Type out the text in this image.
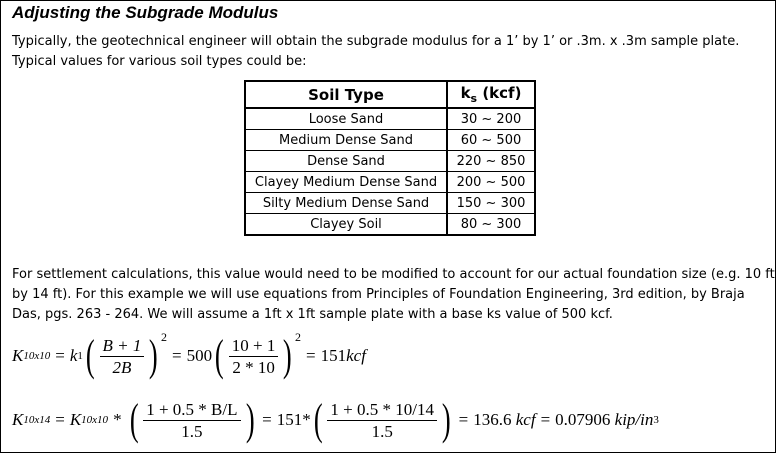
Adjusting the Subgrade Modulus
Typically, the geotechnical engineer will obtain the subgrade modulus for a 1’ by 1’ or .3m. x .3m sample plate.
Typical values for various soil types could be:
Soil Type	$k_s$ (kcf)
Loose Sand	30 ~ 200
Medium Dense Sand	60 ~ 500
Dense Sand	220 ~ 850
Clayey Medium Dense Sand	200 ~ 500
Silty Medium Dense Sand	150 ~ 300
Clayey Soil	80 ~ 300
For settlement calculations, this value would need to be modified to account for our actual foundation size (e.g. 10 ft
by 14 ft). For this example we will use equations from Principles of Foundation Engineering, 3rd edition, by Braja
Das, pgs. 263 - 264. We will assume a 1ft x 1ft sample plate with a base ks value of 500 kcf.
K 10x10 = k 1 ( $\frac{B + 1}{2B}$ ) 2
= 500 ( $\frac{10 + 1}{2 * 10}$ ) 2
= 151 kcf
K 10x14 = K 10x10 * ( $\frac{1 + 0.5 * B/L}{1.5}$ ) = 151 * ( $\frac{1 + 0.5 * 10/14}{1.5}$ ) = 136.6
kcf = 0.07906
kip/in 3
